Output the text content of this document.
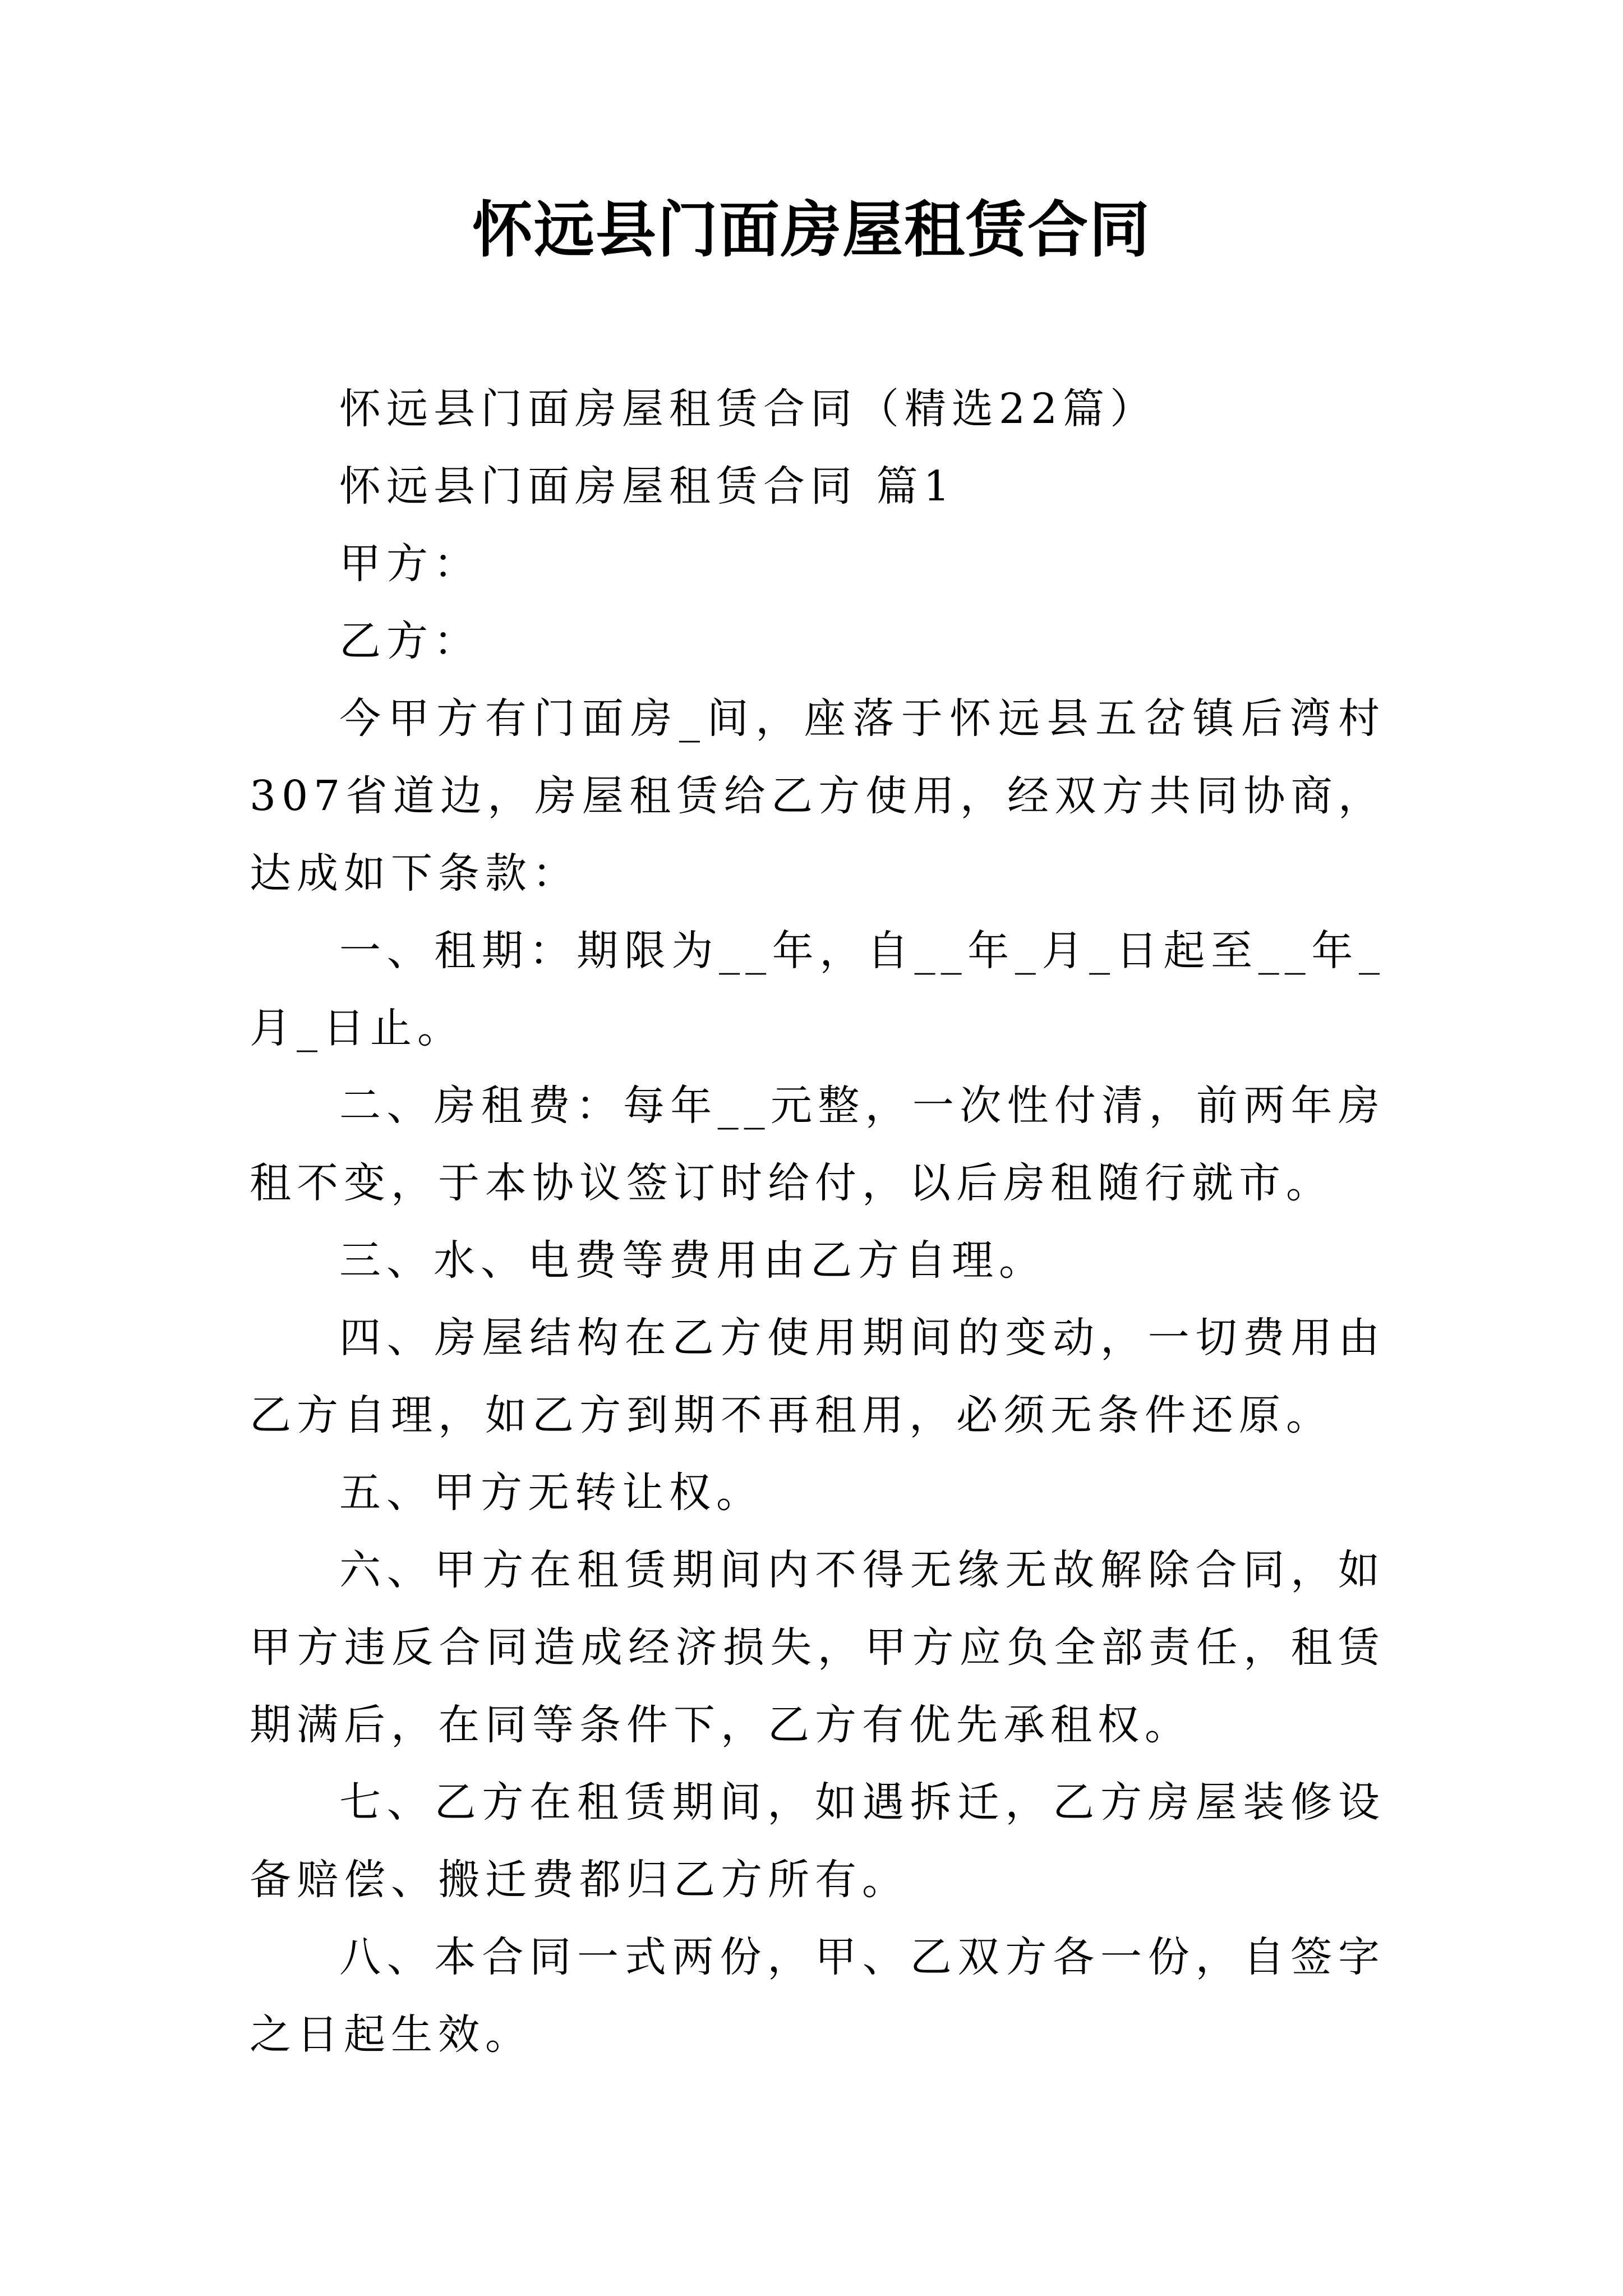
怀远县门面房屋租赁合同

怀远县门面房屋租赁合同（精选22篇）

怀远县门面房屋租赁合同 篇1

甲方：

乙方：

今甲方有门面房_间，座落于怀远县五岔镇后湾村307省道边，房屋租赁给乙方使用，经双方共同协商，达成如下条款：

一、租期：期限为__年，自__年_月_日起至__年_月_日止。

二、房租费：每年__元整，一次性付清，前两年房租不变，于本协议签订时给付，以后房租随行就市。

三、水、电费等费用由乙方自理。

四、房屋结构在乙方使用期间的变动，一切费用由乙方自理，如乙方到期不再租用，必须无条件还原。

五、甲方无转让权。

六、甲方在租赁期间内不得无缘无故解除合同，如甲方违反合同造成经济损失，甲方应负全部责任，租赁期满后，在同等条件下，乙方有优先承租权。

七、乙方在租赁期间，如遇拆迁，乙方房屋装修设备赔偿、搬迁费都归乙方所有。

八、本合同一式两份，甲、乙双方各一份，自签字之日起生效。
